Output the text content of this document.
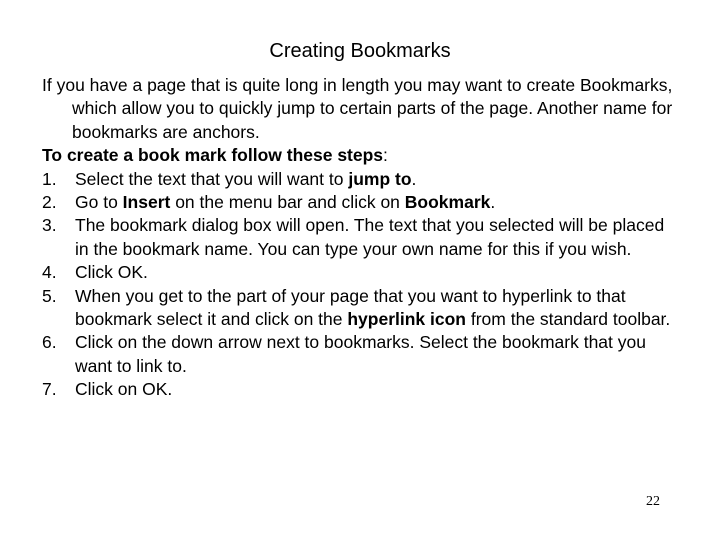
Creating Bookmarks

If you have a page that is quite long in length you may want to create Bookmarks, which allow you to quickly jump to certain parts of the page. Another name for bookmarks are anchors.

To create a book mark follow these steps:

1.	Select the text that you will want to jump to.
2.	Go to Insert on the menu bar and click on Bookmark.
3.	The bookmark dialog box will open. The text that you selected will be placed in the bookmark name. You can type your own name for this if you wish.
4.	Click OK.
5.	When you get to the part of your page that you want to hyperlink to that bookmark select it and click on the hyperlink icon from the standard toolbar.
6.	Click on the down arrow next to bookmarks. Select the bookmark that you want to link to.
7.	Click on OK.
22
